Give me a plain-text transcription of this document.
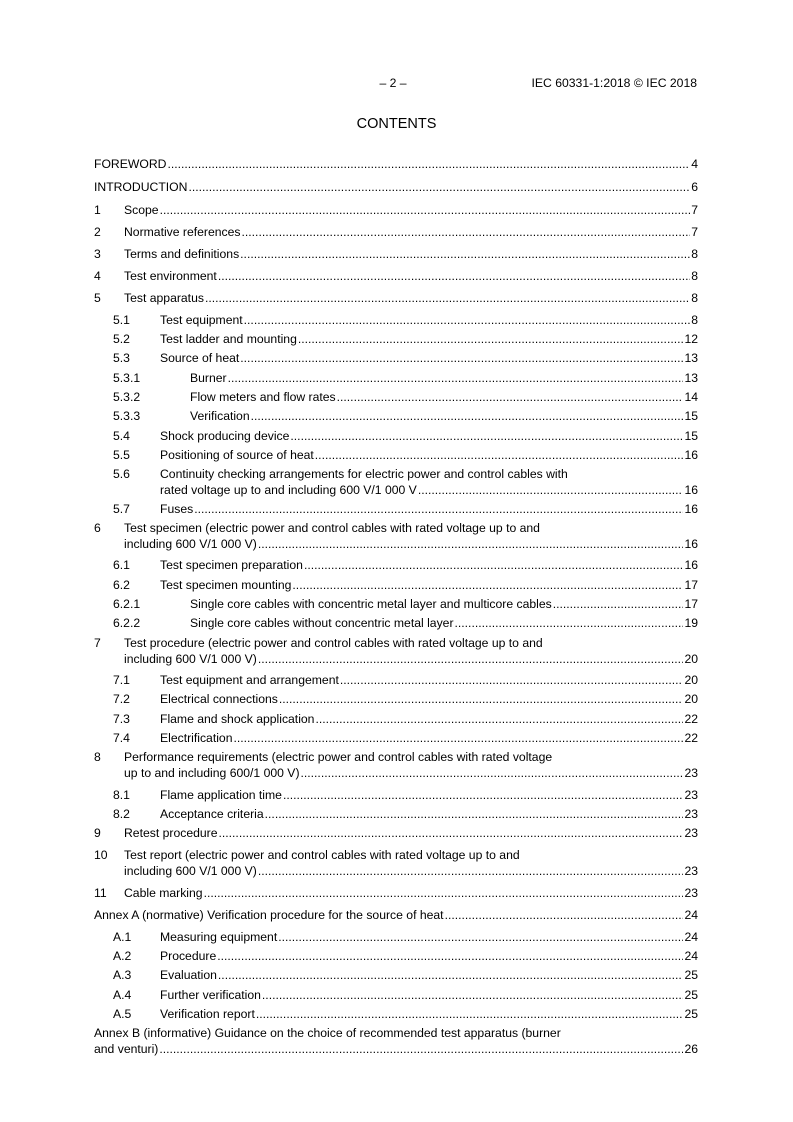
– 2 –	IEC 60331-1:2018 © IEC 2018
CONTENTS
FOREWORD .....	4
INTRODUCTION .....	6
1 Scope .....	7
2 Normative references .....	7
3 Terms and definitions .....	8
4 Test environment .....	8
5 Test apparatus .....	8
5.1 Test equipment .....	8
5.2 Test ladder and mounting .....	12
5.3 Source of heat .....	13
5.3.1	Burner .....	13
5.3.2	Flow meters and flow rates .....	14
5.3.3	Verification .....	15
5.4 Shock producing device .....	15
5.5 Positioning of source of heat .....	16
5.6 Continuity checking arrangements for electric power and control cables with
rated voltage up to and including 600 V/1 000 V .....	16
5.7 Fuses .....	16
6 Test specimen (electric power and control cables with rated voltage up to and
including 600 V/1 000 V) .....	16
6.1 Test specimen preparation .....	16
6.2 Test specimen mounting .....	17
6.2.1	Single core cables with concentric metal layer and multicore cables .....	17
6.2.2	Single core cables without concentric metal layer .....	19
7 Test procedure (electric power and control cables with rated voltage up to and
including 600 V/1 000 V) .....	20
7.1 Test equipment and arrangement .....	20
7.2 Electrical connections .....	20
7.3 Flame and shock application .....	22
7.4 Electrification .....	22
8 Performance requirements (electric power and control cables with rated voltage
up to and including 600/1 000 V) .....	23
8.1 Flame application time .....	23
8.2 Acceptance criteria .....	23
9 Retest procedure .....	23
10 Test report (electric power and control cables with rated voltage up to and
including 600 V/1 000 V) .....	23
11 Cable marking .....	23
Annex A (normative) Verification procedure for the source of heat .....	24
A.1 Measuring equipment .....	24
A.2 Procedure .....	24
A.3 Evaluation .....	25
A.4 Further verification .....	25
A.5 Verification report .....	25
Annex B (informative) Guidance on the choice of recommended test apparatus (burner
and venturi) .....	26
